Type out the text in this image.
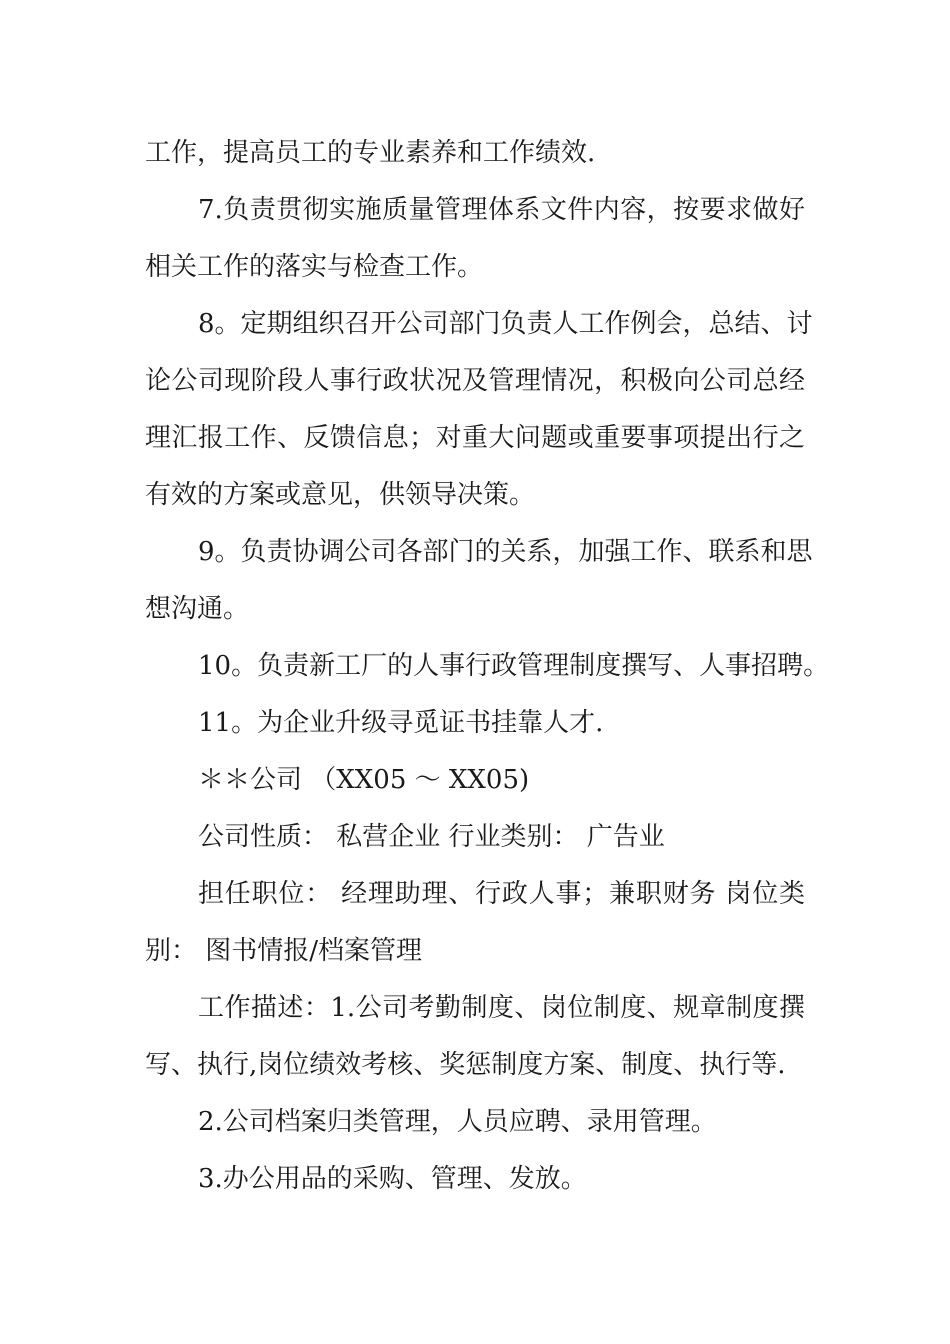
工作，提高员工的专业素养和工作绩效.
7.负责贯彻实施质量管理体系文件内容，按要求做好
相关工作的落实与检查工作。
8。定期组织召开公司部门负责人工作例会，总结、讨
论公司现阶段人事行政状况及管理情况，积极向公司总经
理汇报工作、反馈信息；对重大问题或重要事项提出行之
有效的方案或意见，供领导决策。
9。负责协调公司各部门的关系，加强工作、联系和思
想沟通。
10。负责新工厂的人事行政管理制度撰写、人事招聘。
11。为企业升级寻觅证书挂靠人才.
＊＊公司 （XX05 ～ XX05)
公司性质： 私营企业 行业类别： 广告业
担任职位： 经理助理、行政人事；兼职财务 岗位类
别： 图书情报/档案管理
工作描述：1.公司考勤制度、岗位制度、规章制度撰
写、执行,岗位绩效考核、奖惩制度方案、制度、执行等.
2.公司档案归类管理，人员应聘、录用管理。
3.办公用品的采购、管理、发放。
